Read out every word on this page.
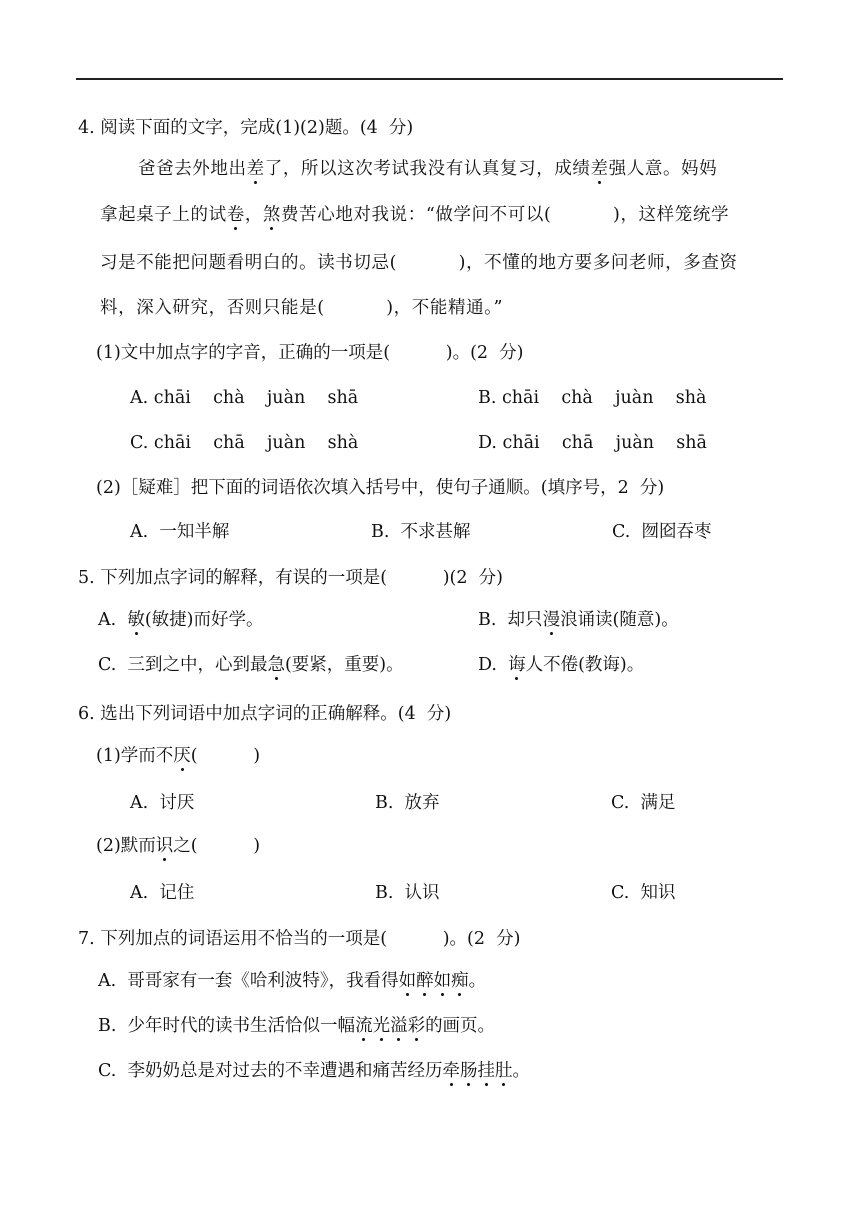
4. 阅读下面的文字，完成(1)(2)题。(4  分)
爸爸去外地出差了，所以这次考试我没有认真复习，成绩差强人意。妈妈
拿起桌子上的试卷，煞费苦心地对我说：“做学问不可以(          )，这样笼统学
习是不能把问题看明白的。读书切忌(          )，不懂的地方要多问老师，多查资
料，深入研究，否则只能是(          )，不能精通。”
(1)文中加点字的字音，正确的一项是(          )。(2  分)
A. chāi    chà    juàn    shā	B. chāi    chà    juàn    shà
C. chāi    chā    juàn    shà	D. chāi    chā    juàn    shā
(2)［疑难］把下面的词语依次填入括号中，使句子通顺。(填序号，2  分)
A.  一知半解	B.  不求甚解	C.  囫囵吞枣
5. 下列加点字词的解释，有误的一项是(          )(2  分)
A.  敏(敏捷)而好学。	B.  却只漫浪诵读(随意)。
C.  三到之中，心到最急(要紧，重要)。	D.  诲人不倦(教诲)。
6. 选出下列词语中加点字词的正确解释。(4  分)
(1)学而不厌(          )
A.  讨厌	B.  放弃	C.  满足
(2)默而识之(          )
A.  记住	B.  认识	C.  知识
7. 下列加点的词语运用不恰当的一项是(          )。(2  分)
A.  哥哥家有一套《哈利波特》，我看得如醉如痴。
B.  少年时代的读书生活恰似一幅流光溢彩的画页。
C.  李奶奶总是对过去的不幸遭遇和痛苦经历牵肠挂肚。
